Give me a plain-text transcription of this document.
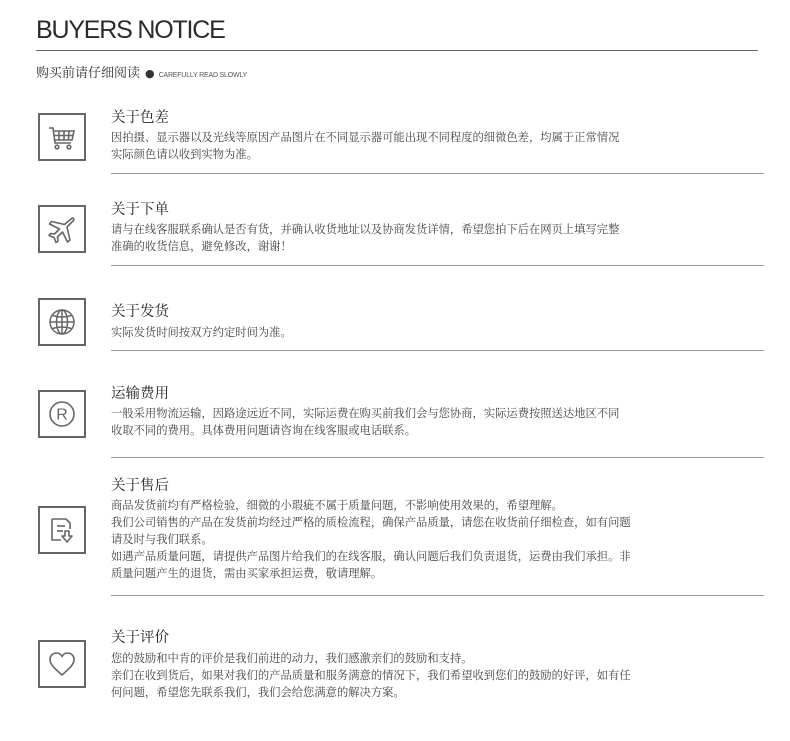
BUYERS NOTICE
购买前请仔细阅读 ● CAREFULLY READ SLOWLY
关于色差

因拍摄、显示器以及光线等原因产品图片在不同显示器可能出现不同程度的细微色差，均属于正常情况
实际颜色请以收到实物为准。

关于下单

请与在线客服联系确认是否有货，并确认收货地址以及协商发货详情，希望您拍下后在网页上填写完整
准确的收货信息，避免修改，谢谢！

关于发货

实际发货时间按双方约定时间为准。

R
运输费用

一般采用物流运输，因路途远近不同，实际运费在购买前我们会与您协商，实际运费按照送达地区不同
收取不同的费用。具体费用问题请咨询在线客服或电话联系。

关于售后

商品发货前均有严格检验，细微的小瑕疵不属于质量问题，不影响使用效果的，希望理解。

我们公司销售的产品在发货前均经过严格的质检流程，确保产品质量，请您在收货前仔细检查，如有问题
请及时与我们联系。

如遇产品质量问题，请提供产品图片给我们的在线客服，确认问题后我们负责退货，运费由我们承担。非
质量问题产生的退货，需由买家承担运费，敬请理解。

关于评价

您的鼓励和中肯的评价是我们前进的动力，我们感激亲们的鼓励和支持。

亲们在收到货后，如果对我们的产品质量和服务满意的情况下，我们希望收到您们的鼓励的好评，如有任
何问题，希望您先联系我们，我们会给您满意的解决方案。
